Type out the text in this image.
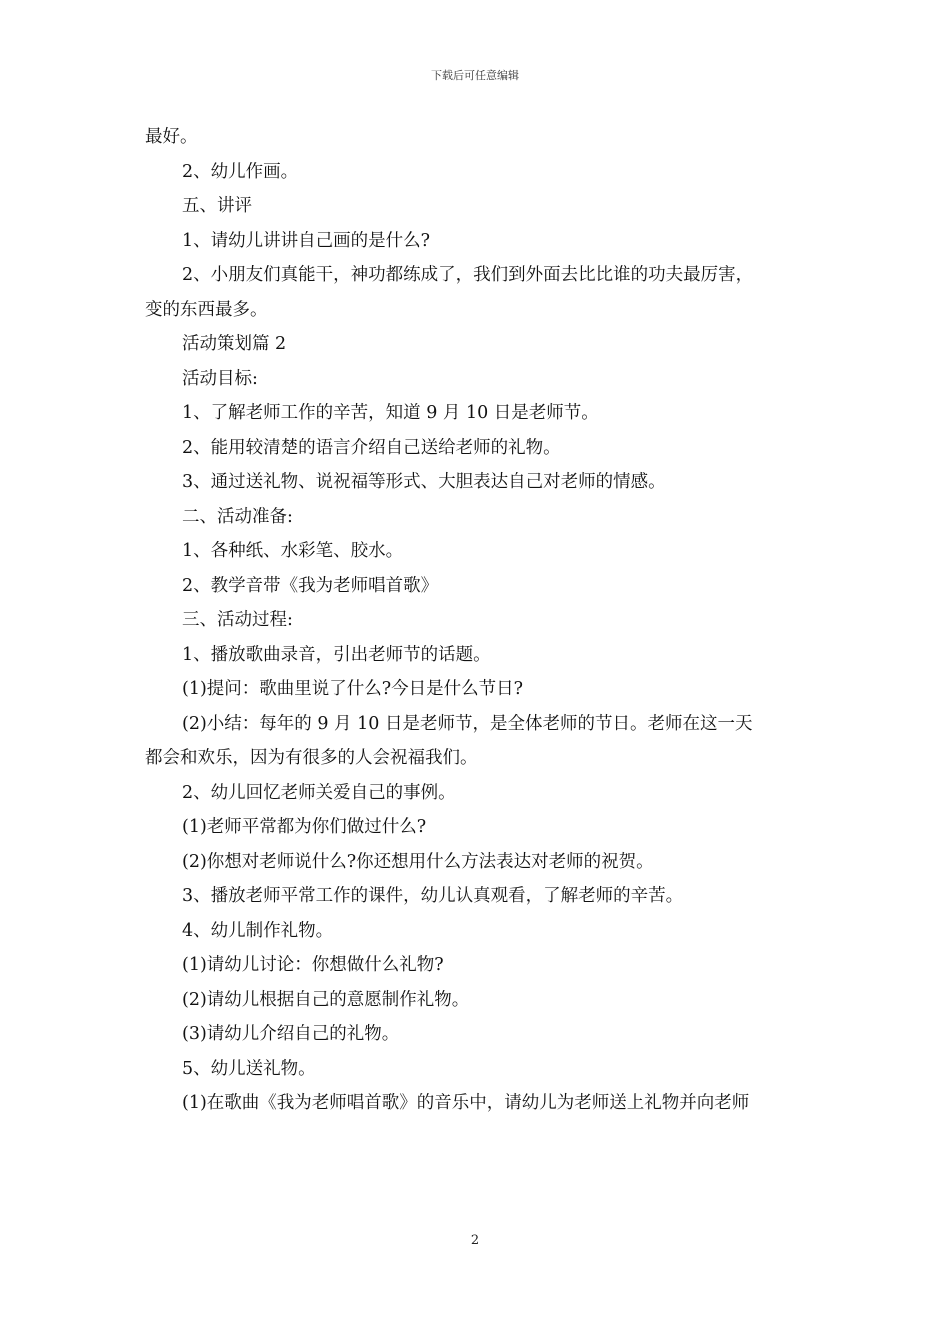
下载后可任意编辑
最好。
2、幼儿作画。
五、讲评
1、请幼儿讲讲自己画的是什么?
2、小朋友们真能干，神功都练成了，我们到外面去比比谁的功夫最厉害，
变的东西最多。
活动策划篇 2
活动目标:
1、了解老师工作的辛苦，知道 9 月 10 日是老师节。
2、能用较清楚的语言介绍自己送给老师的礼物。
3、通过送礼物、说祝福等形式、大胆表达自己对老师的情感。
二、活动准备:
1、各种纸、水彩笔、胶水。
2、教学音带《我为老师唱首歌》
三、活动过程:
1、播放歌曲录音，引出老师节的话题。
(1)提问：歌曲里说了什么?今日是什么节日?
(2)小结：每年的 9 月 10 日是老师节，是全体老师的节日。老师在这一天
都会和欢乐，因为有很多的人会祝福我们。
2、幼儿回忆老师关爱自己的事例。
(1)老师平常都为你们做过什么?
(2)你想对老师说什么?你还想用什么方法表达对老师的祝贺。
3、播放老师平常工作的课件，幼儿认真观看，了解老师的辛苦。
4、幼儿制作礼物。
(1)请幼儿讨论：你想做什么礼物?
(2)请幼儿根据自己的意愿制作礼物。
(3)请幼儿介绍自己的礼物。
5、幼儿送礼物。
(1)在歌曲《我为老师唱首歌》的音乐中，请幼儿为老师送上礼物并向老师
2
